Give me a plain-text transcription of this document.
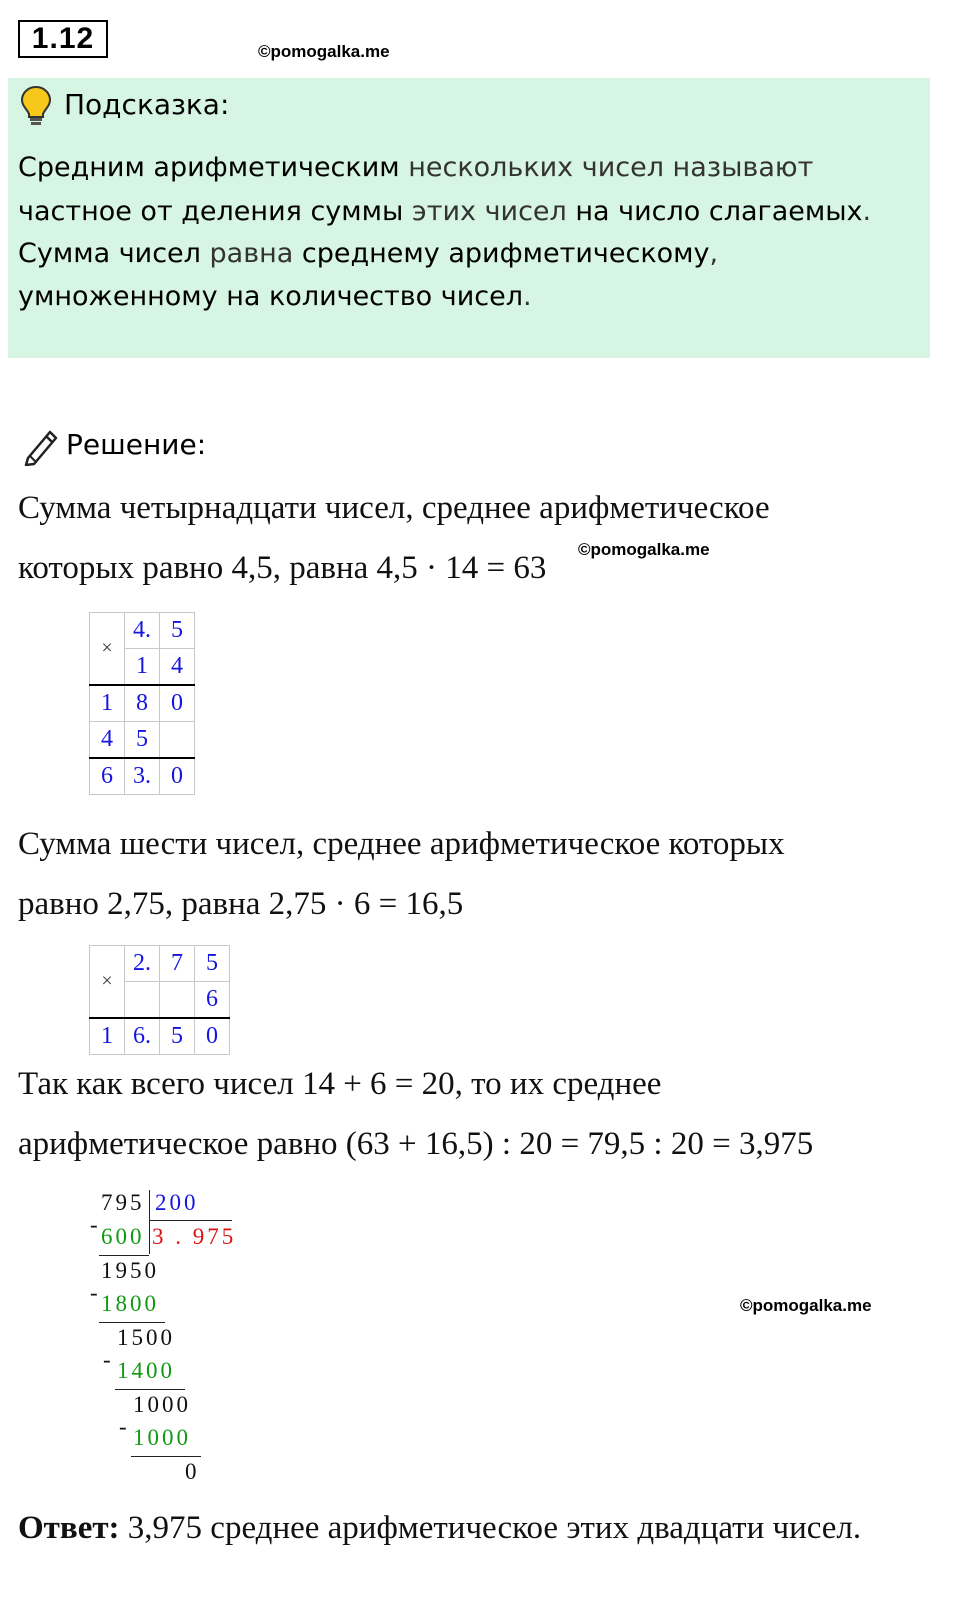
1.12	©pomogalka.me
Подсказка:
Средним арифметическим нескольких чисел называют
частное от деления суммы этих чисел на число слагаемых.
Сумма чисел равна среднему арифметическому,
умноженному на количество чисел.
Решение:
Сумма четырнадцати чисел, среднее арифметическое
которых равно 4,5, равна 4,5 · 14 = 63
©pomogalka.me
×	4.	5
	1	4
1	8	0
4	5	
6	3.	0
Сумма шести чисел, среднее арифметическое которых
равно 2,75, равна 2,75 · 6 = 16,5
×	2.	7	5
			6
1	6.	5	0
Так как всего чисел 14 + 6 = 20, то их среднее
арифметическое равно (63 + 16,5) : 20 = 79,5 : 20 = 3,975
795 200
3 . 975
- 600
1950
- 1800
1500
- 1400
1000
- 1000
0
©pomogalka.me
Ответ: 3,975 среднее арифметическое этих двадцати чисел.
